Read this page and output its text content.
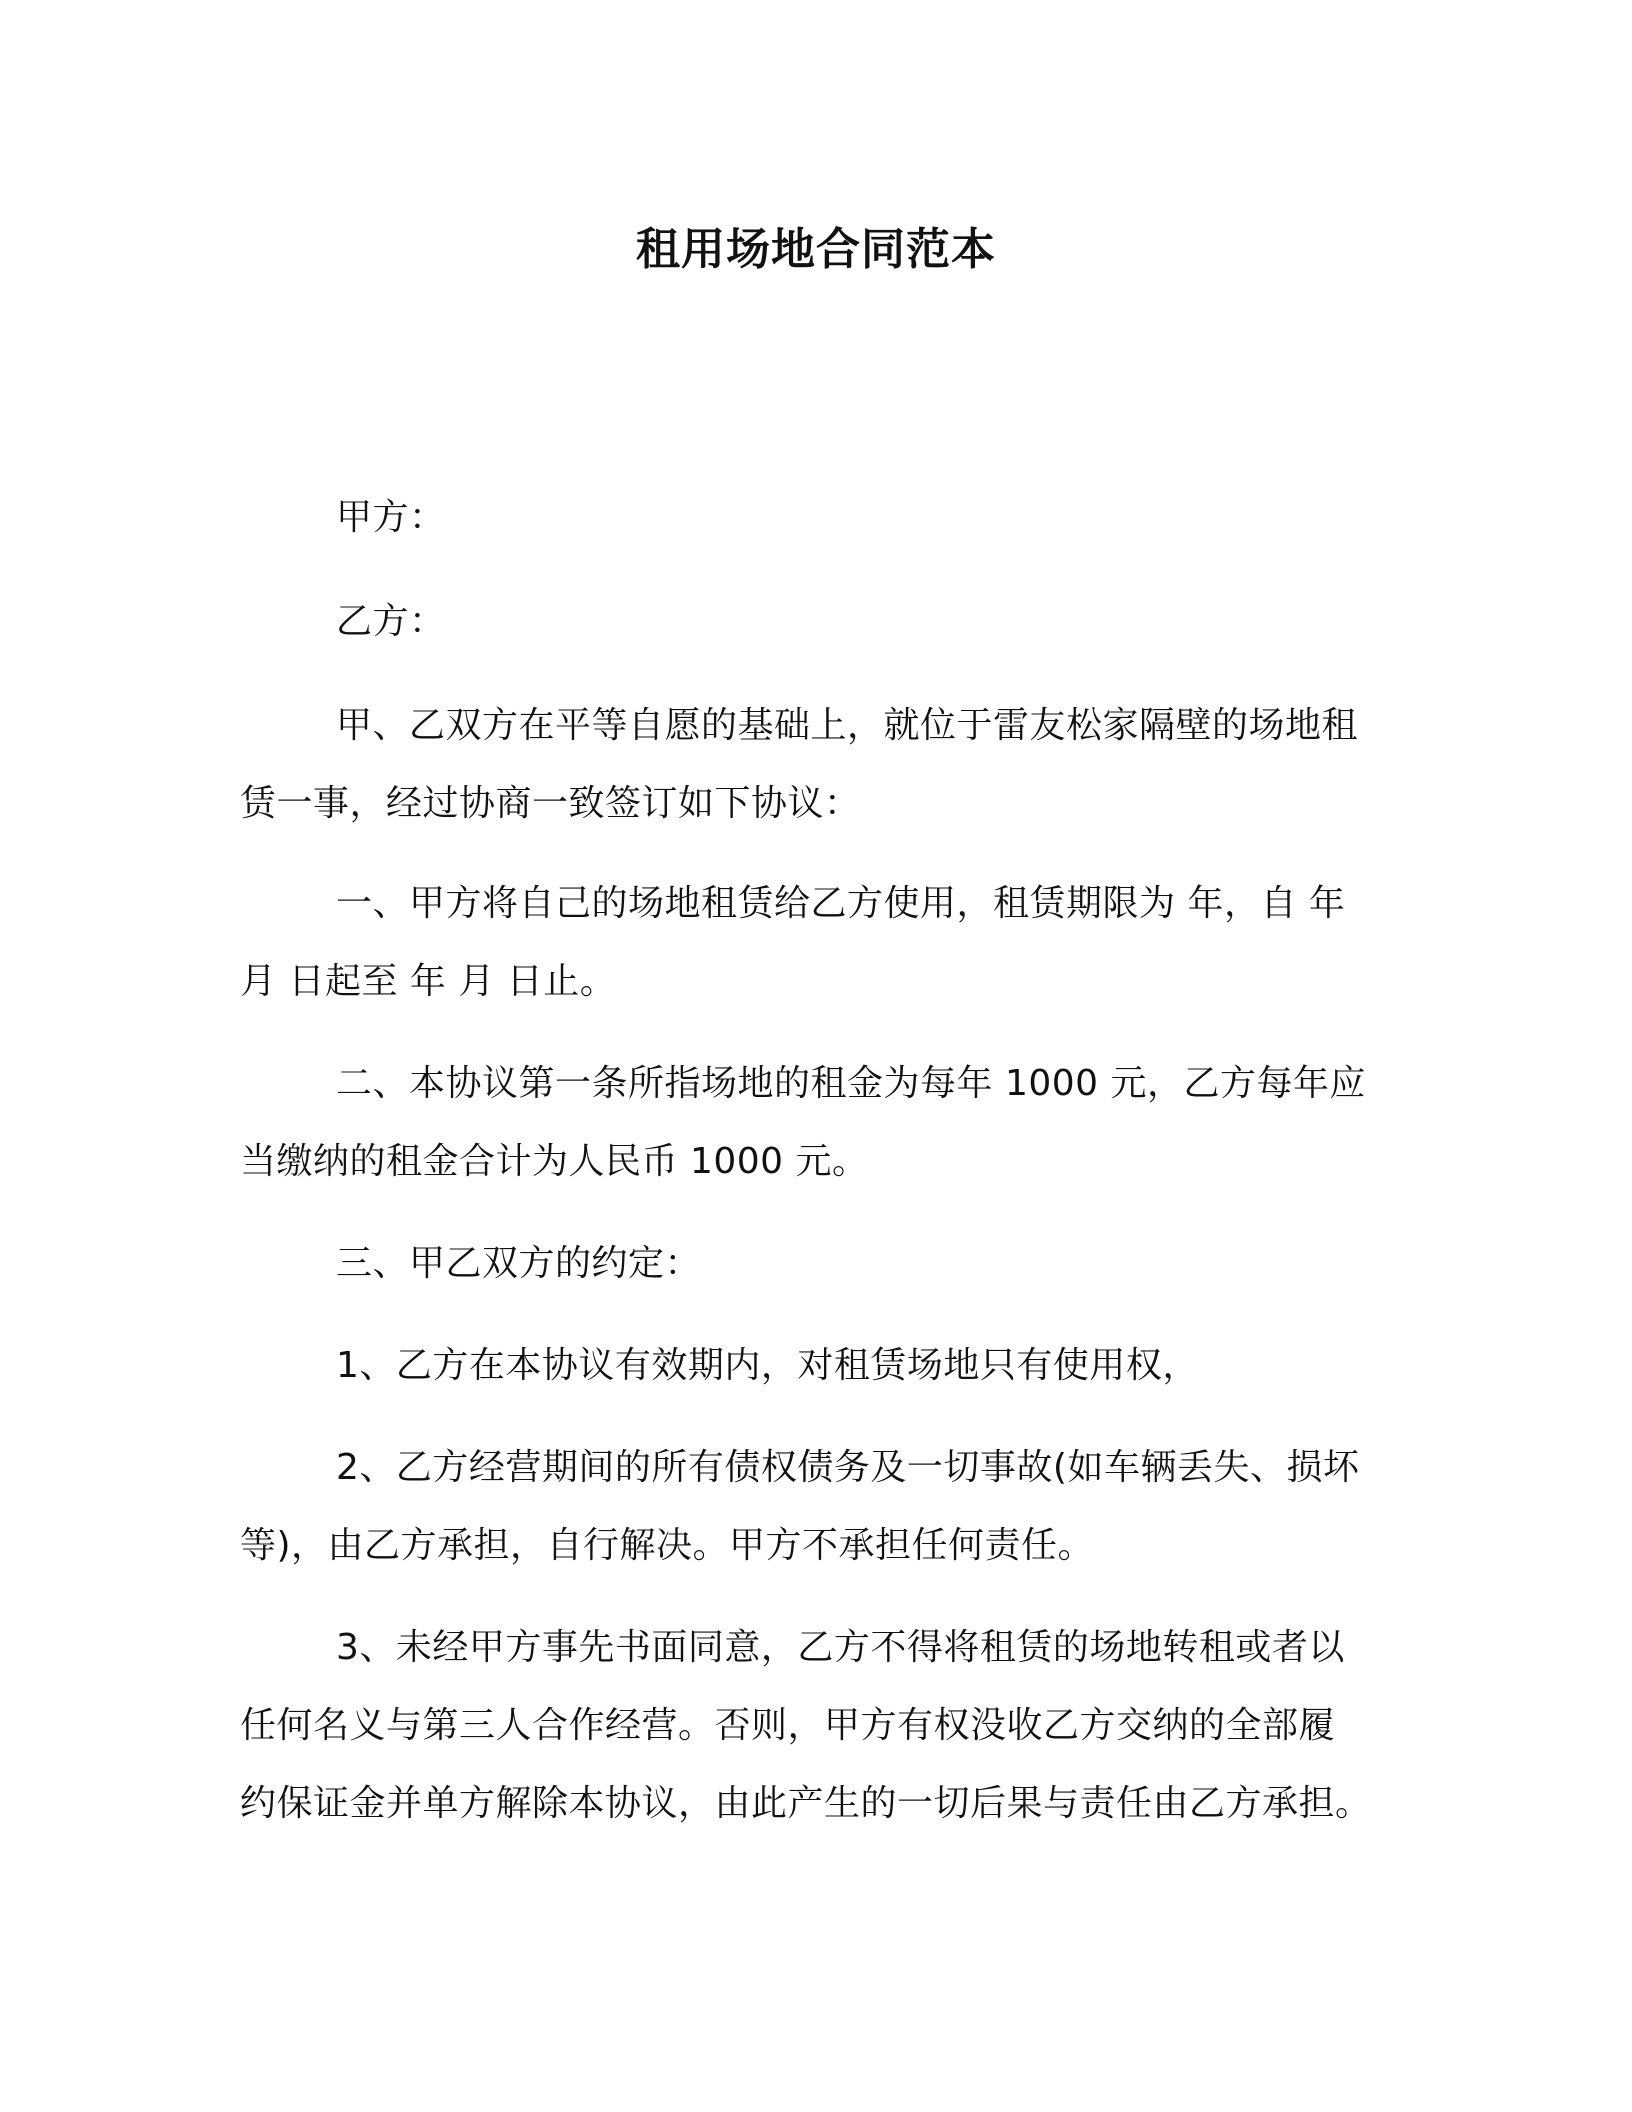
租用场地合同范本
甲方：
乙方：
甲、乙双方在平等自愿的基础上，就位于雷友松家隔壁的场地租
赁一事，经过协商一致签订如下协议：
一、甲方将自己的场地租赁给乙方使用，租赁期限为 年，自 年
月 日起至 年 月 日止。
二、本协议第一条所指场地的租金为每年 1000 元，乙方每年应
当缴纳的租金合计为人民币 1000 元。
三、甲乙双方的约定：
1、乙方在本协议有效期内，对租赁场地只有使用权，
2、乙方经营期间的所有债权债务及一切事故(如车辆丢失、损坏
等)，由乙方承担，自行解决。甲方不承担任何责任。
3、未经甲方事先书面同意，乙方不得将租赁的场地转租或者以
任何名义与第三人合作经营。否则，甲方有权没收乙方交纳的全部履
约保证金并单方解除本协议，由此产生的一切后果与责任由乙方承担。
